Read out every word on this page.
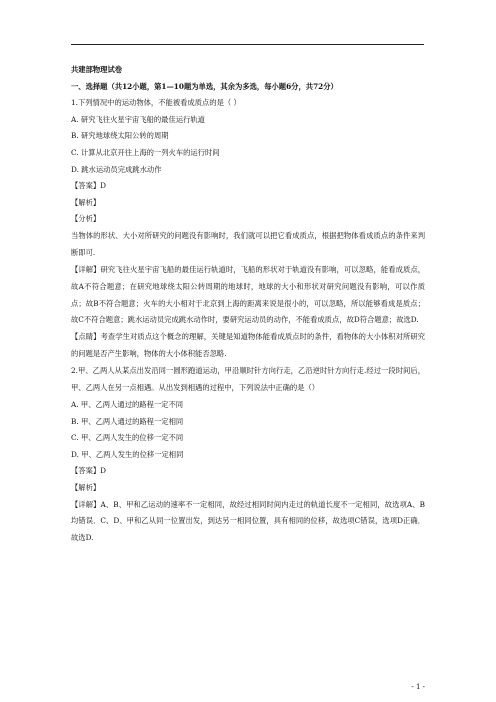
共建部物理试卷
一、选择题（共12小题，第1—10题为单选，其余为多选，每小题6分，共72分）
1.下列情况中的运动物体，不能被看成质点的是（ ）
A. 研究飞往火星宇宙飞船的最佳运行轨道
B. 研究地球绕太阳公转的周期
C. 计算从北京开往上海的一列火车的运行时间
D. 跳水运动员完成跳水动作
【答案】D
【解析】
【分析】
当物体的形状、大小对所研究的问题没有影响时，我们就可以把它看成质点，根据把物体看成质点的条件来判断即可.
【详解】研究飞往火星宇宙飞船的最佳运行轨道时，飞船的形状对于轨道没有影响，可以忽略，能看成质点，故A不符合题意；在研究地球绕太阳公转周期的地球时，地球的大小和形状对研究问题没有影响，可以作质点；故B不符合题意；火车的大小相对于北京到上海的距离来说是很小的，可以忽略，所以能够看成是质点；故C不符合题意；跳水运动员完成跳水动作时，要研究运动员的动作，不能看成质点，故D符合题意；故选D.
【点睛】考查学生对质点这个概念的理解，关键是知道物体能看成质点时的条件，看物体的大小体积对所研究的问题是否产生影响，物体的大小体积能否忽略.
2.甲、乙两人从某点出发沿同一圆形跑道运动，甲沿顺时针方向行走，乙沿逆时针方向行走.经过一段时间后，甲、乙两人在另一点相遇。从出发到相遇的过程中，下列说法中正确的是（）
A. 甲、乙两人通过的路程一定不同
B. 甲、乙两人通过的路程一定相同
C. 甲、乙两人发生的位移一定不同
D. 甲、乙两人发生的位移一定相同
【答案】D
【解析】
【详解】A、B、甲和乙运动的速率不一定相同，故经过相同时间内走过的轨道长度不一定相同，故选项A、B均错误．C、D、甲和乙从同一位置出发，到达另一相同位置，具有相同的位移，故选项C错误，选项D正确．故选D.
- 1 -
